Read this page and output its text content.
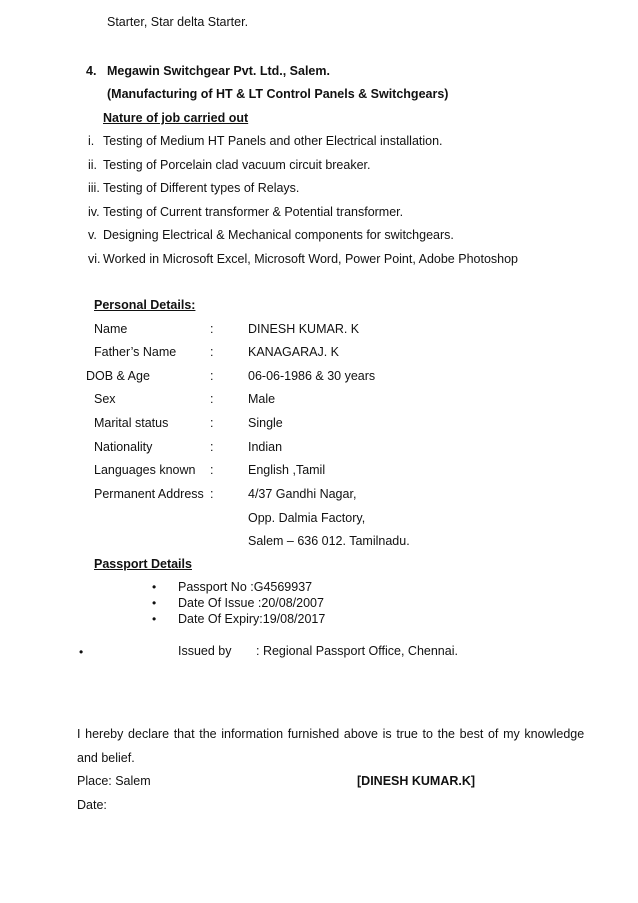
Starter, Star delta Starter.
4. Megawin Switchgear Pvt. Ltd., Salem.
(Manufacturing of HT & LT Control Panels & Switchgears)
Nature of job carried out
i. Testing of Medium HT Panels and other Electrical installation.
ii. Testing of Porcelain clad vacuum circuit breaker.
iii. Testing of Different types of Relays.
iv. Testing of Current transformer & Potential transformer.
v. Designing Electrical & Mechanical components for switchgears.
vi. Worked in Microsoft Excel, Microsoft Word, Power Point, Adobe Photoshop
Personal Details:
Name	:	DINESH KUMAR. K
Father’s Name	:	KANAGARAJ. K
DOB & Age	:	06-06-1986 & 30 years
Sex	:	Male
Marital status	:	Single
Nationality	:	Indian
Languages known :	English ,Tamil
Permanent Address :	4/37 Gandhi Nagar,
Opp. Dalmia Factory,
Salem – 636 012. Tamilnadu.
Passport Details
• Passport No :G4569937
• Date Of Issue :20/08/2007
• Date Of Expiry:19/08/2017
•	Issued by : Regional Passport Office, Chennai.
I hereby declare that the information furnished above is true to the best of my knowledge
and belief.
Place: Salem	[DINESH KUMAR.K]
Date:
